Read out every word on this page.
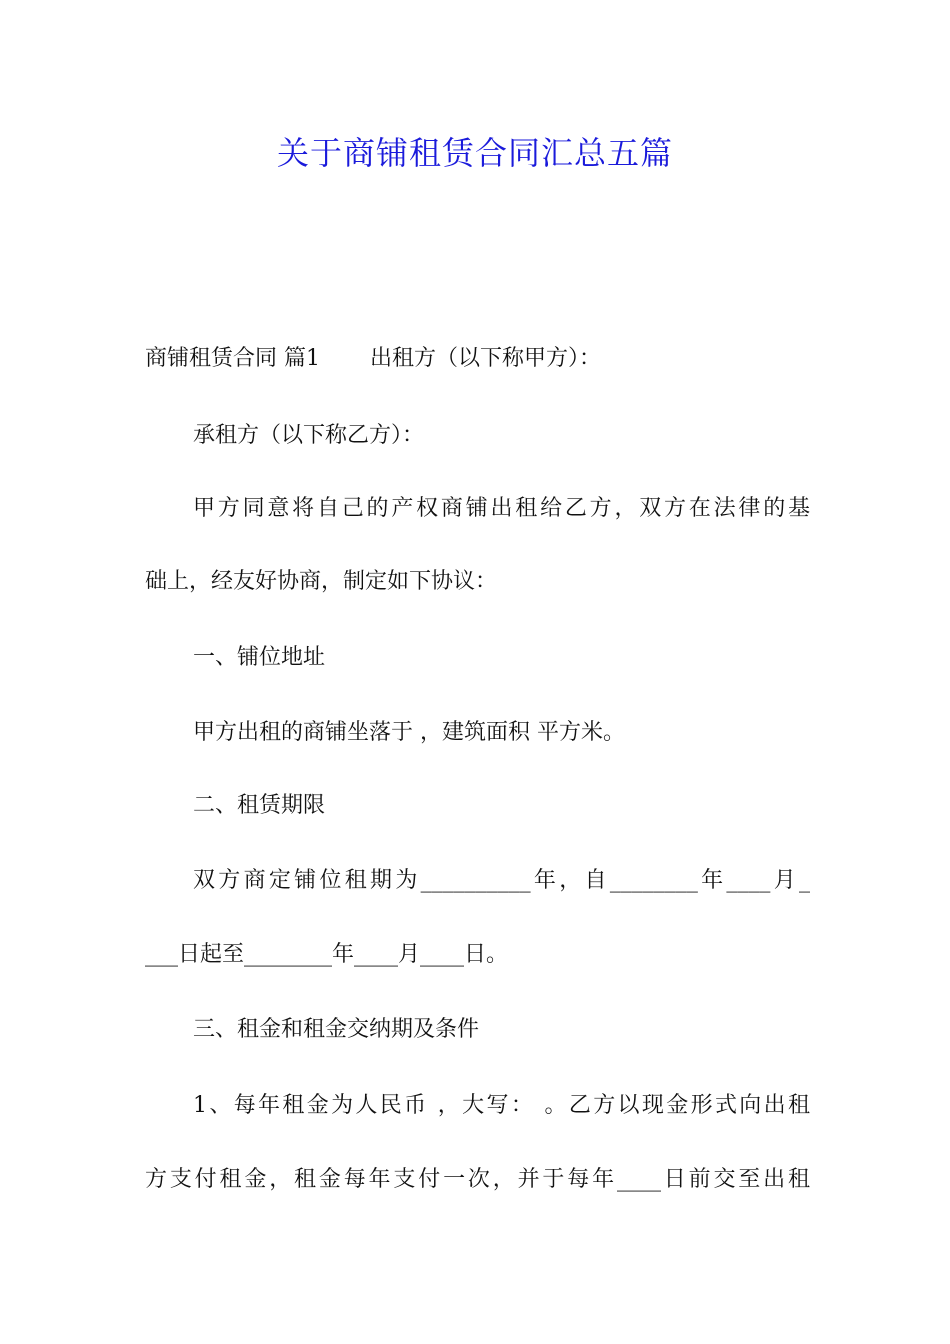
关于商铺租赁合同汇总五篇
商铺租赁合同 篇1 出租方（以下称甲方）：
承租方（以下称乙方）：
甲方同意将自己的产权商铺出租给乙方，双方在法律的基
础上，经友好协商，制定如下协议：
一、铺位地址
甲方出租的商铺坐落于 ，建筑面积 平方米。
二、租赁期限
双方商定铺位租期为__________年，自________年____月_
___日起至________年____月____日。
三、租金和租金交纳期及条件
1、每年租金为人民币 ，大写： 。乙方以现金形式向出租
方支付租金，租金每年支付一次，并于每年____日前交至出租
